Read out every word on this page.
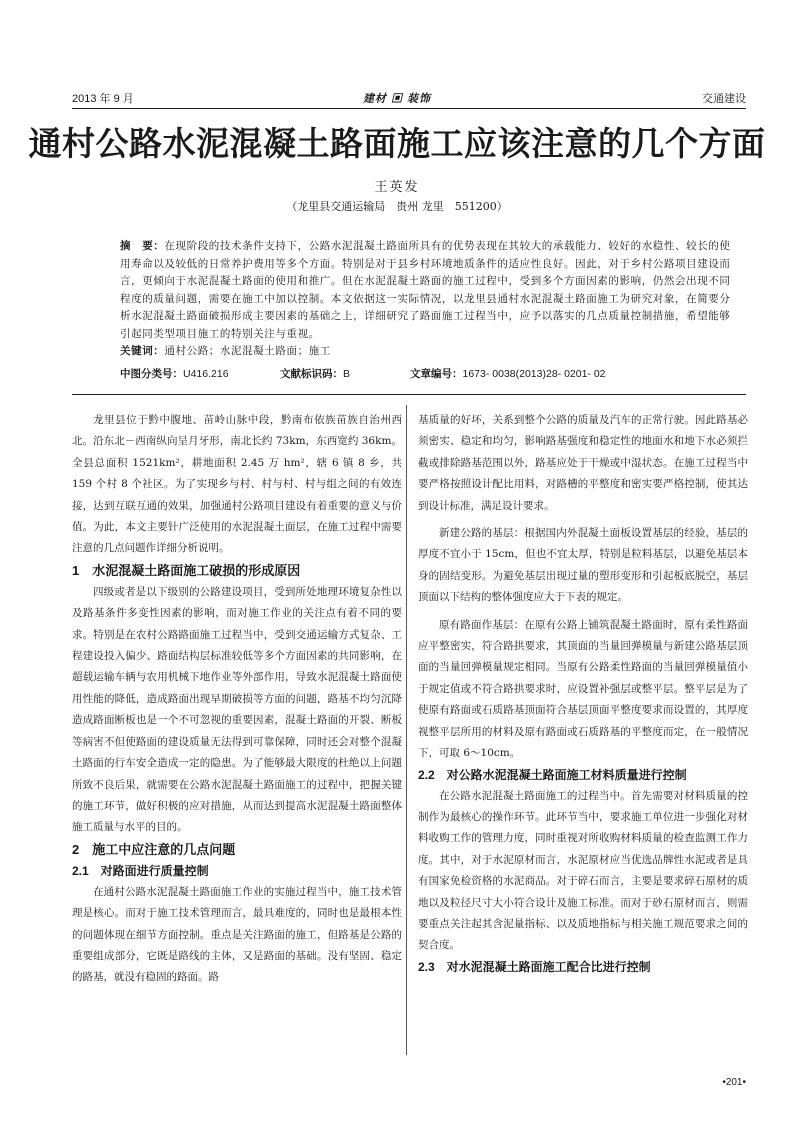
2013 年 9 月	建材 ▣ 装饰	交通建设
通村公路水泥混凝土路面施工应该注意的几个方面
王英发
（龙里县交通运输局　贵州 龙里　551200）
摘　要：在现阶段的技术条件支持下，公路水泥混凝土路面所具有的优势表现在其较大的承载能力、较好的水稳性、较长的使用寿命以及较低的日常养护费用等多个方面。特别是对于县乡村环境地质条件的适应性良好。因此，对于乡村公路项目建设而言，更倾向于水泥混凝土路面的使用和推广。但在水泥混凝土路面的施工过程中，受到多个方面因素的影响，仍然会出现不同程度的质量问题，需要在施工中加以控制。本文依据这一实际情况，以龙里县通村水泥混凝土路面施工为研究对象，在简要分析水泥混凝土路面破损形成主要因素的基础之上，详细研究了路面施工过程当中，应予以落实的几点质量控制措施，希望能够引起同类型项目施工的特别关注与重视。
关键词：通村公路；水泥混凝土路面；施工
中图分类号：U416.216	文献标识码：B	文章编号：1673- 0038(2013)28- 0201- 02

龙里县位于黔中腹地、苗岭山脉中段，黔南布依族苗族自治州西北。沿东北－西南纵向呈月牙形，南北长约 73km，东西宽约 36km。全县总面积 1521km²，耕地面积 2.45 万 hm²，辖 6 镇 8 乡，共 159 个村 8 个社区。为了实现乡与村、村与村、村与组之间的有效连接，达到互联互通的效果，加强通村公路项目建设有着重要的意义与价值。为此，本文主要针广泛使用的水泥混凝土面层，在施工过程中需要注意的几点问题作详细分析说明。

1　水泥混凝土路面施工破损的形成原因

四级或者是以下级别的公路建设项目，受到所处地理环境复杂性以及路基条件多变性因素的影响，而对施工作业的关注点有着不同的要求。特别是在农村公路路面施工过程当中，受到交通运输方式复杂、工程建设投入偏少、路面结构层标准较低等多个方面因素的共同影响，在超载运输车辆与农用机械下地作业等外部作用，导致水泥混凝土路面使用性能的降低，造成路面出现早期破损等方面的问题，路基不均匀沉降造成路面断板也是一个不可忽视的重要因素，混凝土路面的开裂、断板等病害不但使路面的建设质量无法得到可靠保障，同时还会对整个混凝土路面的行车安全造成一定的隐患。为了能够最大限度的杜绝以上问题所致不良后果，就需要在公路水泥混凝土路面施工的过程中，把握关键的施工环节，做好积极的应对措施，从而达到提高水泥混凝土路面整体施工质量与水平的目的。

2　施工中应注意的几点问题

2.1　对路面进行质量控制

在通村公路水泥混凝土路面施工作业的实施过程当中，施工技术管理是核心。而对于施工技术管理而言，最具难度的，同时也是最根本性的问题体现在细节方面控制。重点是关注路面的施工，但路基是公路的重要组成部分，它既是路线的主体，又是路面的基础。没有坚固、稳定的路基，就没有稳固的路面。路

基质量的好坏，关系到整个公路的质量及汽车的正常行驶。因此路基必须密实、稳定和均匀，影响路基强度和稳定性的地面水和地下水必须拦截或排除路基范围以外，路基应处于干燥或中湿状态。在施工过程当中要严格按照设计配比用料，对路槽的平整度和密实要严格控制，使其达到设计标准，满足设计要求。

新建公路的基层：根据国内外混凝土面板设置基层的经验，基层的厚度不宜小于 15cm，但也不宜太厚，特别是粒料基层，以避免基层本身的固结变形。为避免基层出现过量的塑形变形和引起板底脱空，基层顶面以下结构的整体强度应大于下表的规定。

原有路面作基层：在原有公路上铺筑混凝土路面时，原有柔性路面应平整密实，符合路拱要求，其顶面的当量回弹模量与新建公路基层顶面的当量回弹模量规定相同。当原有公路柔性路面的当量回弹模量值小于规定值或不符合路拱要求时，应设置补强层或整平层。整平层是为了使原有路面或石质路基顶面符合基层顶面平整度要求而设置的，其厚度视整平层所用的材料及原有路面或石质路基的平整度而定，在一般情况下，可取 6～10cm。

2.2　对公路水泥混凝土路面施工材料质量进行控制

在公路水泥混凝土路面施工的过程当中。首先需要对材料质量的控制作为最核心的操作环节。此环节当中，要求施工单位进一步强化对材料收购工作的管理力度，同时重视对所收购材料质量的检查监测工作力度。其中，对于水泥原材而言，水泥原材应当优选品牌性水泥或者是具有国家免检资格的水泥商品。对于碎石而言，主要是要求碎石原材的质地以及粒径尺寸大小符合设计及施工标准。而对于砂石原材而言，则需要重点关注起其含泥量指标、以及质地指标与相关施工规范要求之间的契合度。

2.3　对水泥混凝土路面施工配合比进行控制

•201•
